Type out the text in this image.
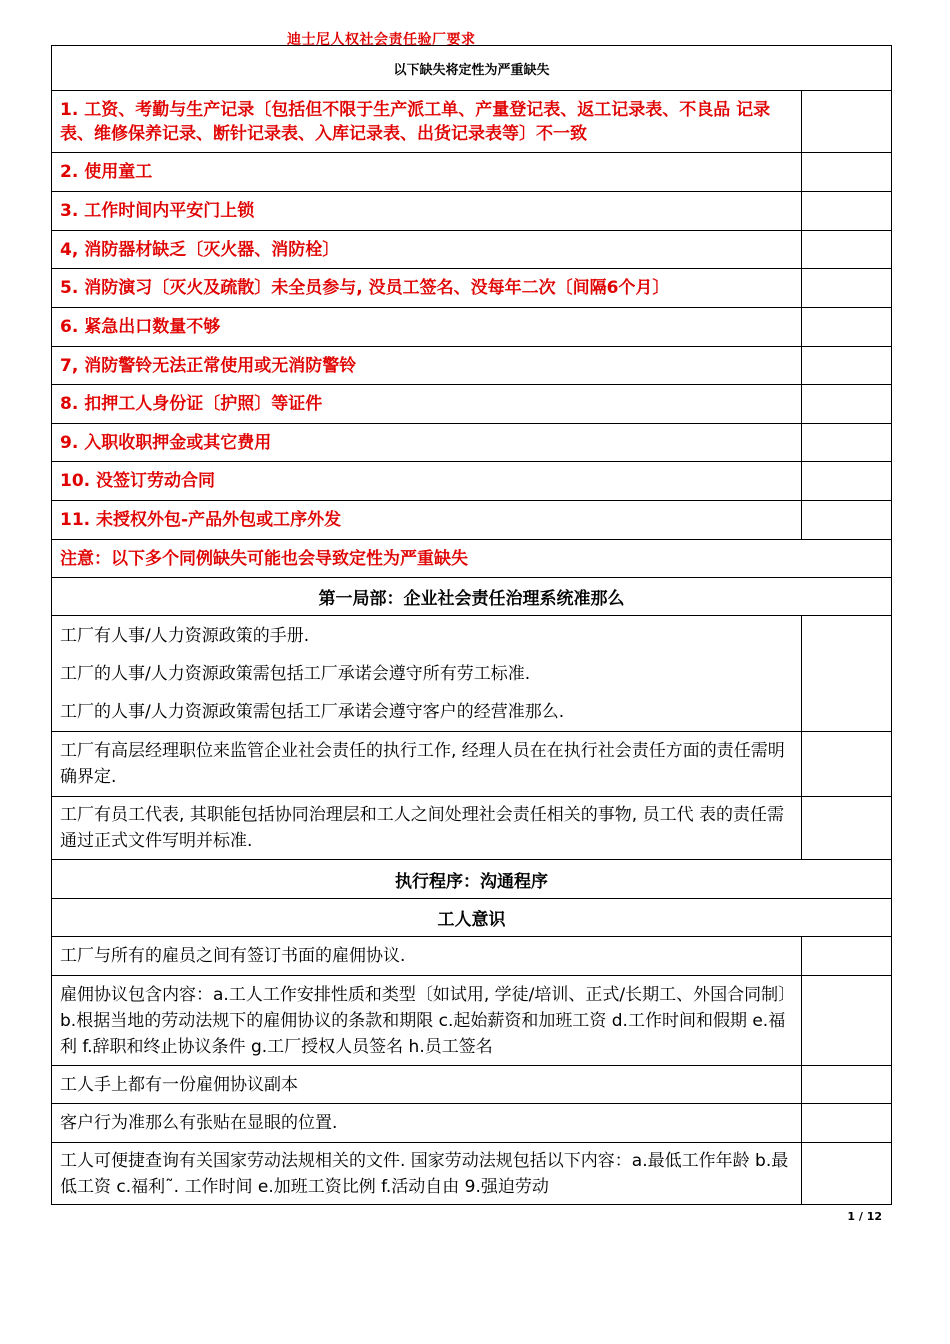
迪士尼人权社会责任验厂要求
以下缺失将定性为严重缺失	
1. 工资、考勤与生产记录〔包括但不限于生产派工单、产量登记表、返工记录表、不良品 记录表、维修保养记录、断针记录表、入库记录表、出货记录表等〕不一致	
2. 使用童工	
3. 工作时间内平安门上锁	
4, 消防器材缺乏〔灭火器、消防栓〕	
5. 消防演习〔灭火及疏散〕未全员参与, 没员工签名、没每年二次〔间隔6个月〕	
6. 紧急出口数量不够	
7, 消防警铃无法正常使用或无消防警铃	
8. 扣押工人身份证〔护照〕等证件	
9. 入职收职押金或其它费用	
10. 没签订劳动合同	
11. 未授权外包-产品外包或工序外发	
注意：以下多个同例缺失可能也会导致定性为严重缺失	
第一局部：企业社会责任治理系统准那么	

工厂有人事/人力资源政策的手册.

工厂的人事/人力资源政策需包括工厂承诺会遵守所有劳工标准.

工厂的人事/人力资源政策需包括工厂承诺会遵守客户的经营准那么.	

工厂有高层经理职位来监管企业社会责任的执行工作, 经理人员在在执行社会责任方面的责任需明确界定.	
工厂有员工代表, 其职能包括协同治理层和工人之间处理社会责任相关的事物, 员工代 表的责任需通过正式文件写明并标准.	
执行程序：沟通程序	
工人意识	
工厂与所有的雇员之间有签订书面的雇佣协议.	
雇佣协议包含内容：a.工人工作安排性质和类型〔如试用, 学徒/培训、正式/长期工、外国合同制〕b.根据当地的劳动法规下的雇佣协议的条款和期限 c.起始薪资和加班工资 d.工作时间和假期 e.福利 f.辞职和终止协议条件 g.工厂授权人员签名 h.员工签名	
工人手上都有一份雇佣协议副本	
客户行为准那么有张贴在显眼的位置.	
工人可便捷查询有关国家劳动法规相关的文件. 国家劳动法规包括以下内容：a.最低工作年龄 b.最低工资 c.福利˜. 工作时间 e.加班工资比例 f.活动自由 9.强迫劳动	
1 / 12
